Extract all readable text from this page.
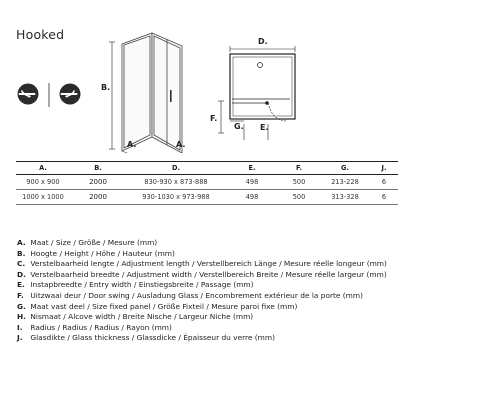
Hooked
B.
A.	A.
D.
F.
G. E.
A.	B.	D.	E.	F.	G.	J.
900 x 900	2000	830-930 x 873-888	498	500	213-228	6
1000 x 1000	2000	930-1030 x 973-988	498	500	313-328	6
A. Maat / Size / Größe / Mesure (mm)
B. Hoogte / Height / Höhe / Hauteur (mm)
C. Verstelbaarheid lengte / Adjustment length / Verstellbereich Länge / Mesure réelle longeur (mm)
D. Verstelbaarheid breedte / Adjustment width / Verstellbereich Breite / Mesure réelle largeur (mm)
E. Instapbreedte / Entry width / Einstiegsbreite / Passage (mm)
F. Uitzwaai deur / Door swing / Ausladung Glass / Encombrement extérieur de la porte (mm)
G. Maat vast deel / Size fixed panel / Größe Fixteil / Mesure paroi fixe (mm)
H. Nismaat / Alcove width / Breite Nische / Largeur Niche (mm)
I. Radius / Radius / Radius / Rayon (mm)
J. Glasdikte / Glass thickness / Glassdicke / Épaisseur du verre (mm)
